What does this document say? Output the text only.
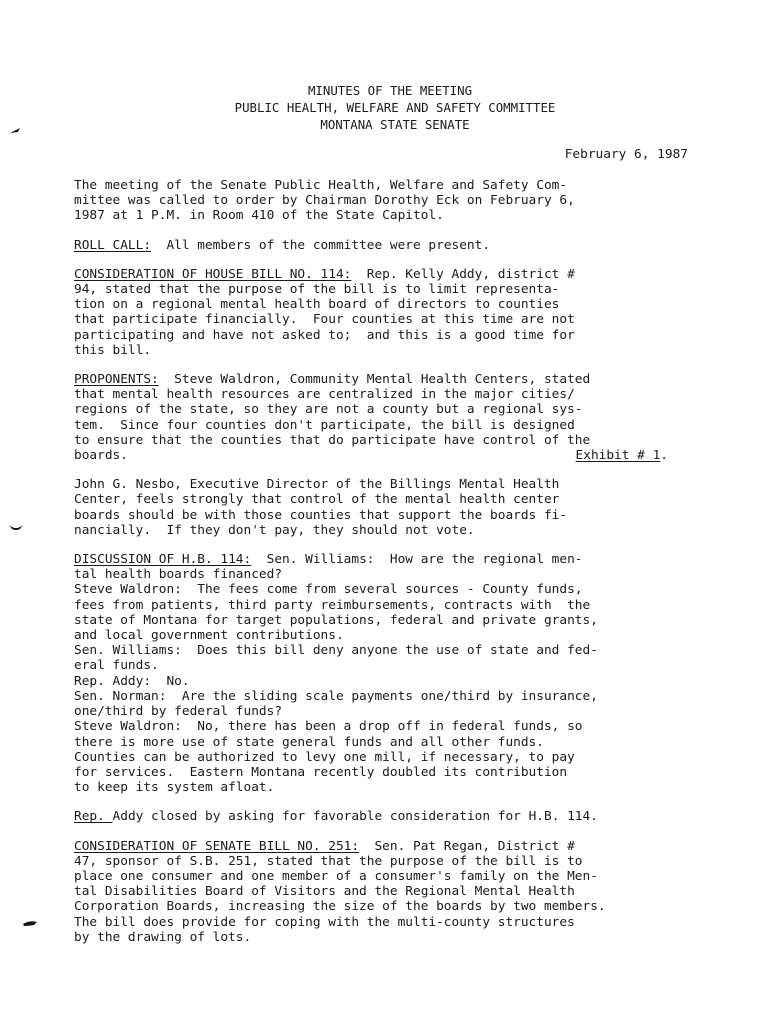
MINUTES OF THE MEETING
PUBLIC HEALTH, WELFARE AND SAFETY COMMITTEE
MONTANA STATE SENATE
February 6, 1987
The meeting of the Senate Public Health, Welfare and Safety Com-
mittee was called to order by Chairman Dorothy Eck on February 6,
1987 at 1 P.M. in Room 410 of the State Capitol.
ROLL CALL:  All members of the committee were present.
CONSIDERATION OF HOUSE BILL NO. 114:  Rep. Kelly Addy, district #
94, stated that the purpose of the bill is to limit representa-
tion on a regional mental health board of directors to counties
that participate financially.  Four counties at this time are not
participating and have not asked to;  and this is a good time for
this bill.
PROPONENTS:  Steve Waldron, Community Mental Health Centers, stated
that mental health resources are centralized in the major cities/
regions of the state, so they are not a county but a regional sys-
tem.  Since four counties don't participate, the bill is designed
to ensure that the counties that do participate have control of the
boards.	Exhibit # 1.
John G. Nesbo, Executive Director of the Billings Mental Health
Center, feels strongly that control of the mental health center
boards should be with those counties that support the boards fi-
nancially.  If they don't pay, they should not vote.
DISCUSSION OF H.B. 114:  Sen. Williams:  How are the regional men-
tal health boards financed?
Steve Waldron:  The fees come from several sources - County funds,
fees from patients, third party reimbursements, contracts with  the
state of Montana for target populations, federal and private grants,
and local government contributions.
Sen. Williams:  Does this bill deny anyone the use of state and fed-
eral funds.
Rep. Addy:  No.
Sen. Norman:  Are the sliding scale payments one/third by insurance,
one/third by federal funds?
Steve Waldron:  No, there has been a drop off in federal funds, so
there is more use of state general funds and all other funds.
Counties can be authorized to levy one mill, if necessary, to pay
for services.  Eastern Montana recently doubled its contribution
to keep its system afloat.
Rep. Addy closed by asking for favorable consideration for H.B. 114.
CONSIDERATION OF SENATE BILL NO. 251:  Sen. Pat Regan, District #
47, sponsor of S.B. 251, stated that the purpose of the bill is to
place one consumer and one member of a consumer's family on the Men-
tal Disabilities Board of Visitors and the Regional Mental Health
Corporation Boards, increasing the size of the boards by two members.
The bill does provide for coping with the multi-county structures
by the drawing of lots.
